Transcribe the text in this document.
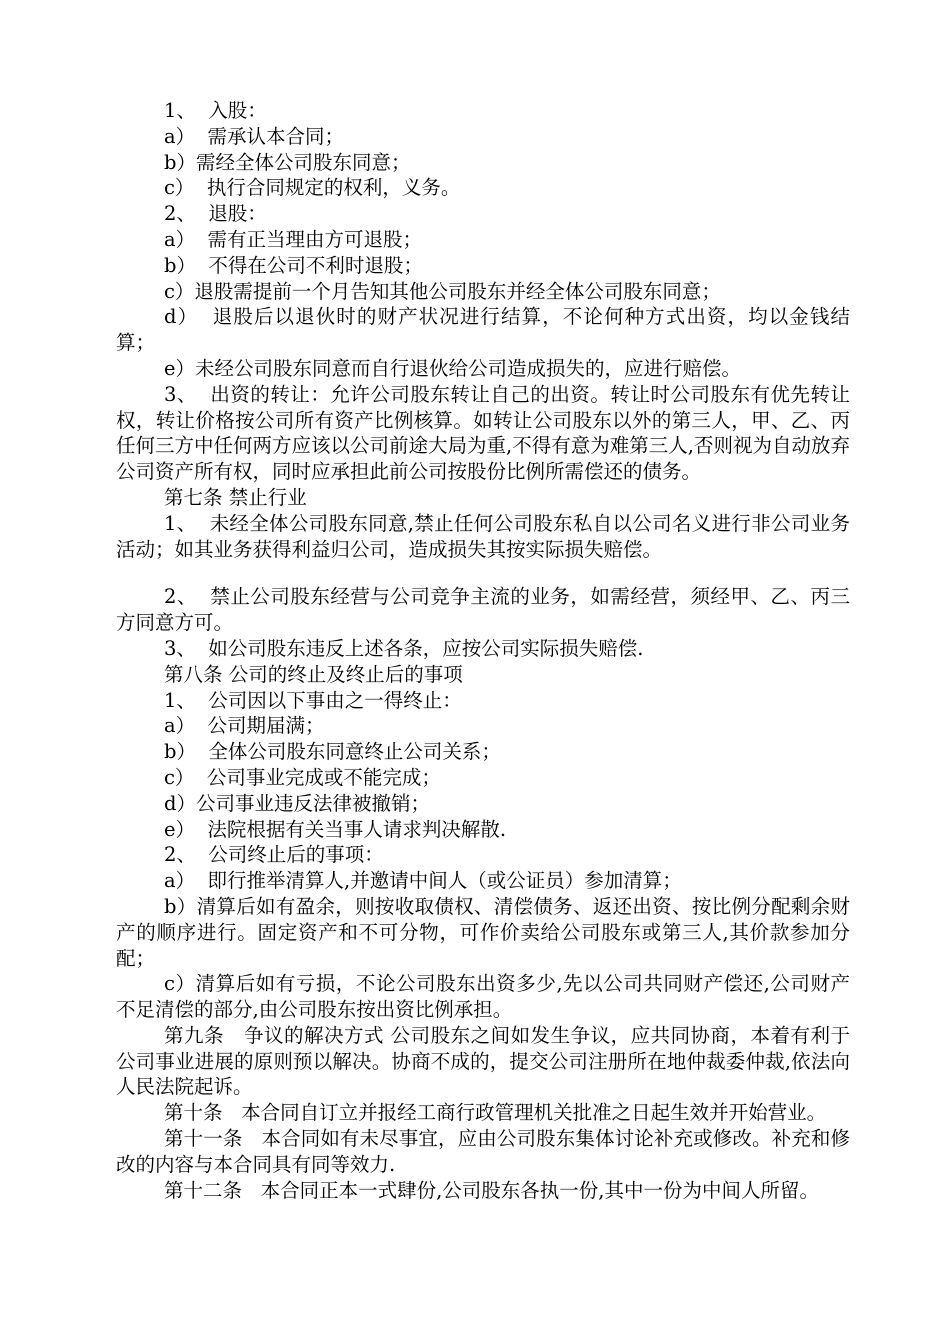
1、  入股：

a）  需承认本合同；

b）需经全体公司股东同意；

c）  执行合同规定的权利，义务。

2、  退股：

a）  需有正当理由方可退股；

b）  不得在公司不利时退股；

c）退股需提前一个月告知其他公司股东并经全体公司股东同意；

d）  退股后以退伙时的财产状况进行结算，不论何种方式出资，均以金钱结算；

e）未经公司股东同意而自行退伙给公司造成损失的，应进行赔偿。

3、  出资的转让：允许公司股东转让自己的出资。转让时公司股东有优先转让权，转让价格按公司所有资产比例核算。如转让公司股东以外的第三人，甲、乙、丙任何三方中任何两方应该以公司前途大局为重,不得有意为难第三人,否则视为自动放弃公司资产所有权，同时应承担此前公司按股份比例所需偿还的债务。

第七条 禁止行业

1、  未经全体公司股东同意,禁止任何公司股东私自以公司名义进行非公司业务活动；如其业务获得利益归公司，造成损失其按实际损失赔偿。

2、  禁止公司股东经营与公司竞争主流的业务，如需经营，须经甲、乙、丙三方同意方可。

3、  如公司股东违反上述各条，应按公司实际损失赔偿.

第八条 公司的终止及终止后的事项

1、  公司因以下事由之一得终止：

a）  公司期届满；

b）  全体公司股东同意终止公司关系；

c）  公司事业完成或不能完成；

d）公司事业违反法律被撤销；

e）  法院根据有关当事人请求判决解散.

2、  公司终止后的事项：

a）  即行推举清算人,并邀请中间人（或公证员）参加清算；

b）清算后如有盈余，则按收取债权、清偿债务、返还出资、按比例分配剩余财产的顺序进行。固定资产和不可分物，可作价卖给公司股东或第三人,其价款参加分配；

c）清算后如有亏损，不论公司股东出资多少,先以公司共同财产偿还,公司财产不足清偿的部分,由公司股东按出资比例承担。

第九条   争议的解决方式 公司股东之间如发生争议，应共同协商，本着有利于公司事业进展的原则预以解决。协商不成的，提交公司注册所在地仲裁委仲裁,依法向人民法院起诉。

第十条   本合同自订立并报经工商行政管理机关批准之日起生效并开始营业。

第十一条   本合同如有未尽事宜，应由公司股东集体讨论补充或修改。补充和修改的内容与本合同具有同等效力.

第十二条   本合同正本一式肆份,公司股东各执一份,其中一份为中间人所留。
